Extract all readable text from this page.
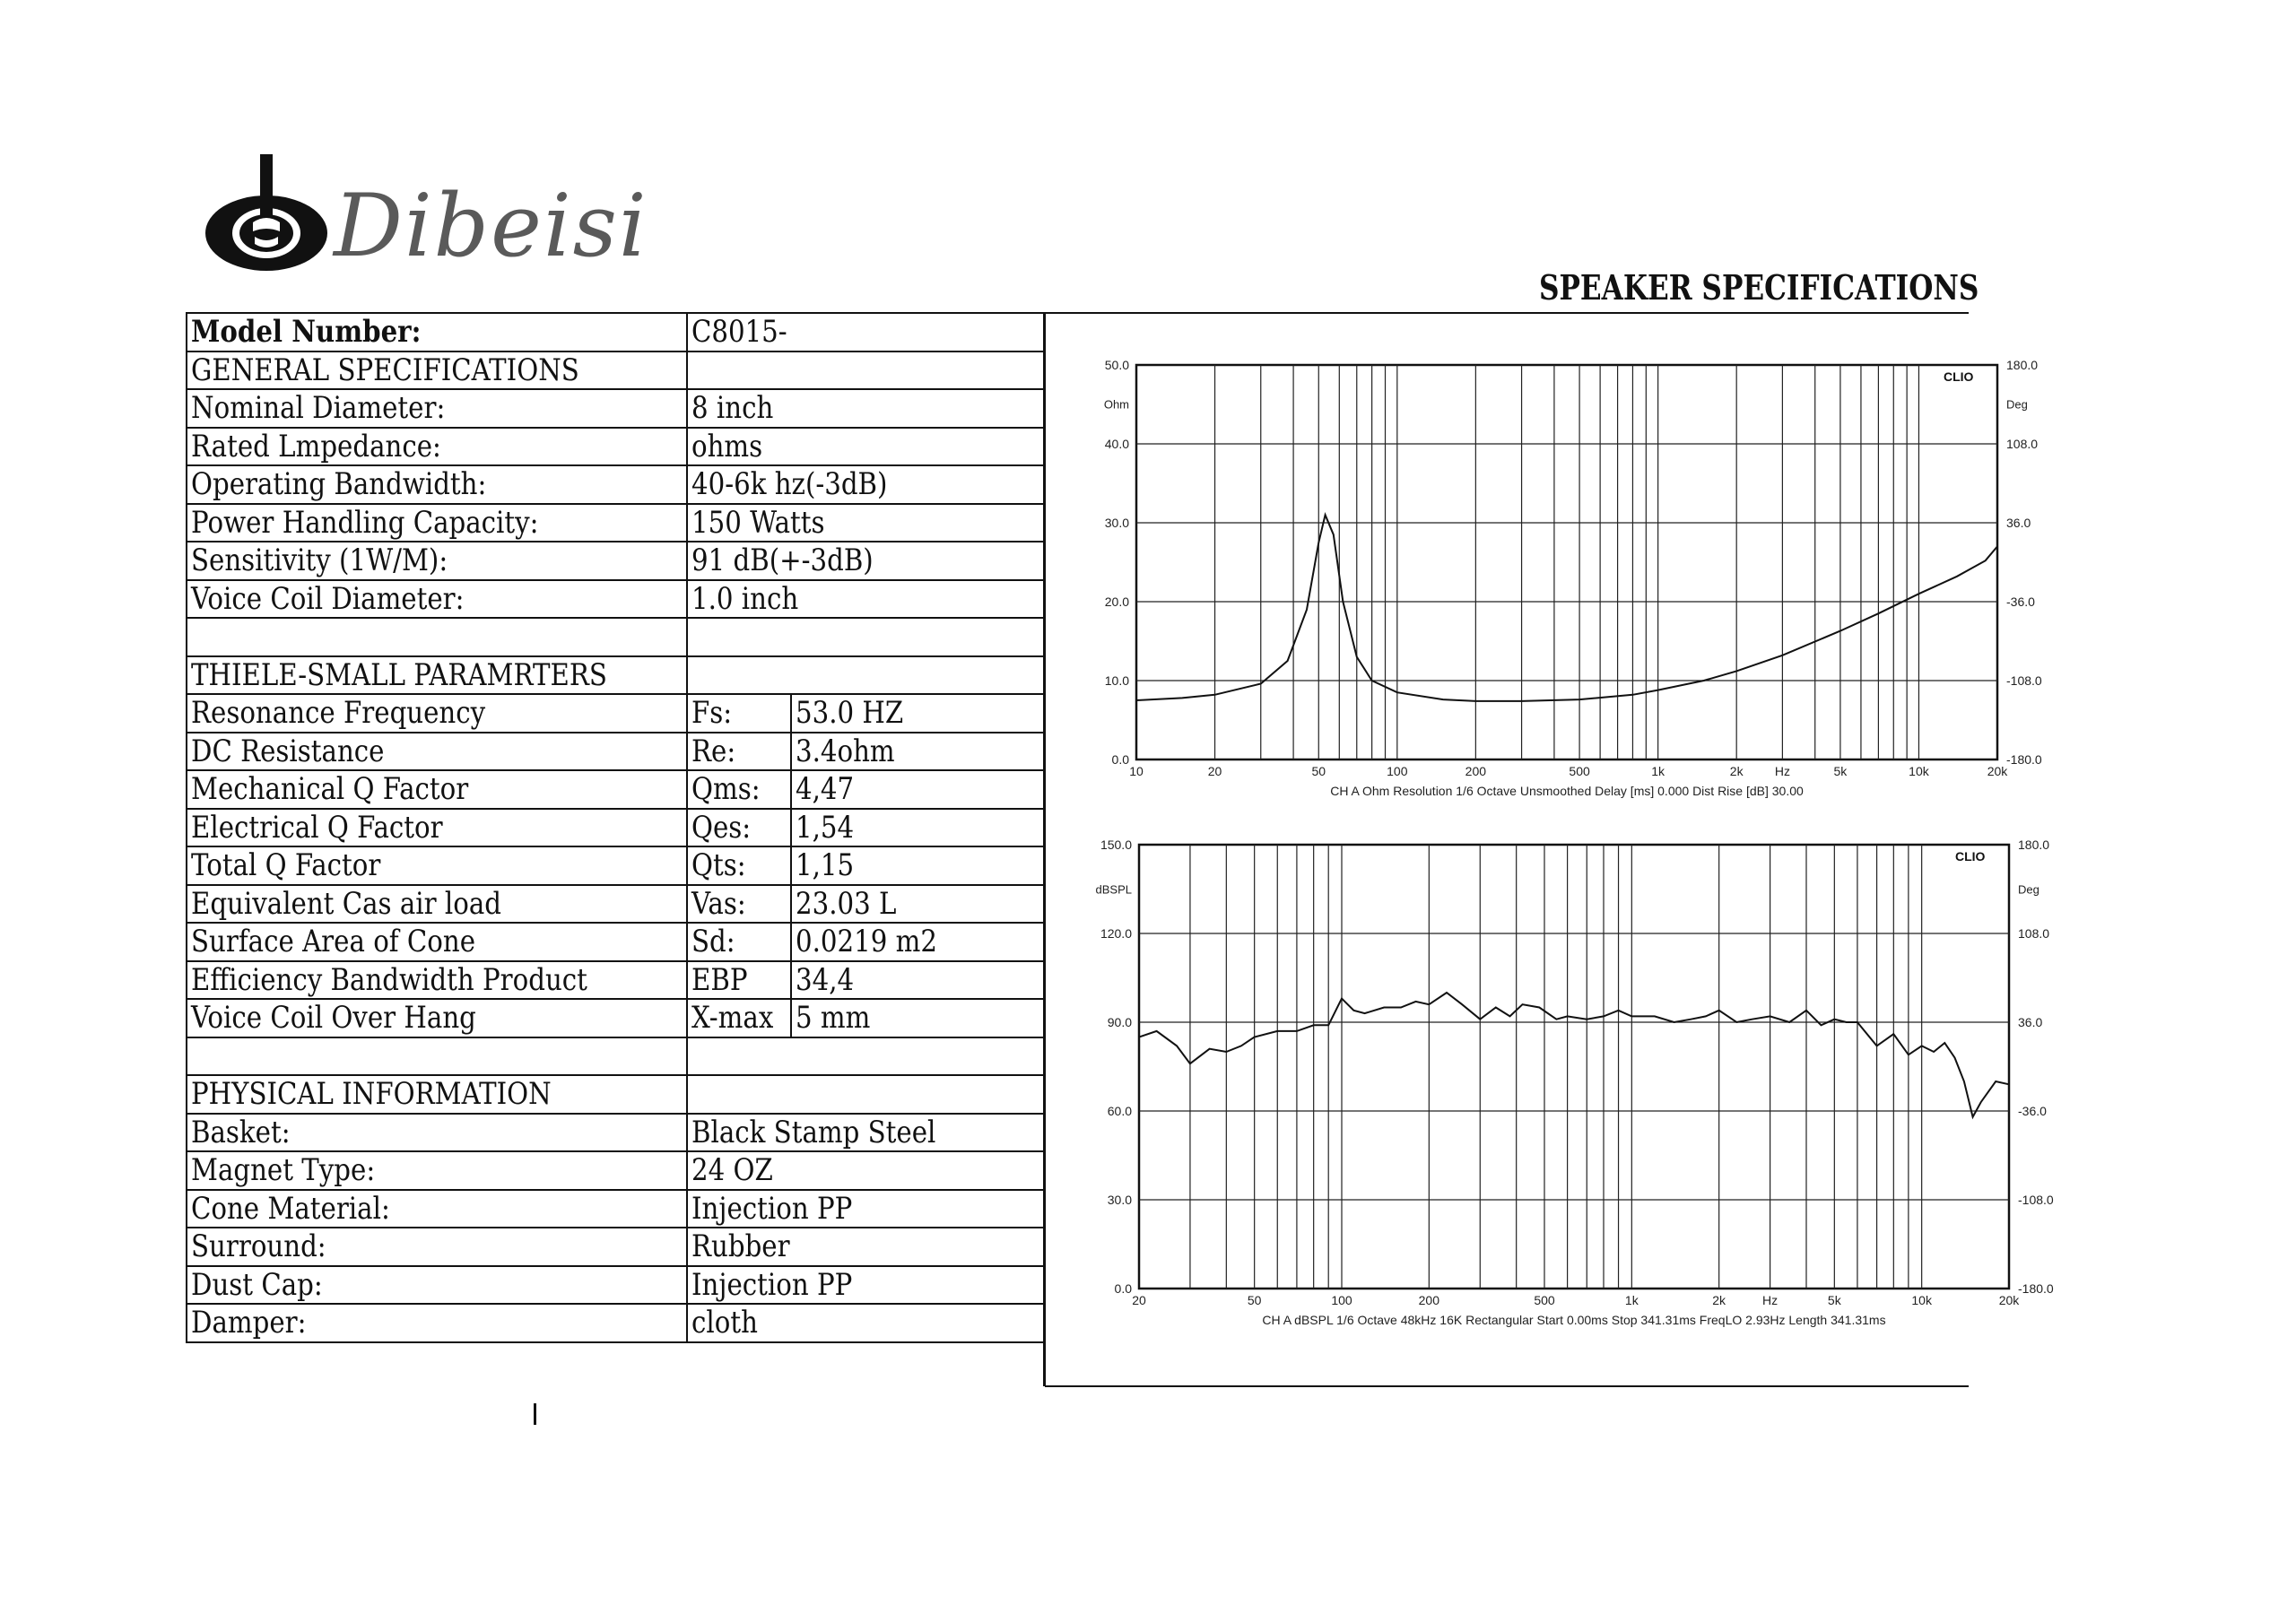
Dibeisi
SPEAKER SPECIFICATIONS
Model Number:	C8015-	
GENERAL SPECIFICATIONS		
Nominal Diameter:	8 inch	
Rated Lmpedance:	ohms	
Operating Bandwidth:	40-6k hz(-3dB)	
Power Handling Capacity:	150 Watts	
Sensitivity (1W/M):	91 dB(+-3dB)	
Voice Coil Diameter:	1.0 inch	

THIELE-SMALL PARAMRTERS		
Resonance Frequency	Fs:	53.0 HZ
DC Resistance	Re:	3.4ohm
Mechanical Q Factor	Qms:	4,47
Electrical Q Factor	Qes:	1,54
Total Q Factor	Qts:	1,15
Equivalent Cas air load	Vas:	23.03 L
Surface Area of Cone	Sd:	0.0219 m2
Efficiency Bandwidth Product	EBP	34,4
Voice Coil Over Hang	X-max	5 mm

PHYSICAL INFORMATION		
Basket:	Black Stamp Steel	
Magnet Type:	24 OZ	
Cone Material:	Injection PP	
Surround:	Rubber	
Dust Cap:	Injection PP	
Damper:	cloth	
0.0
10.0
20.0
30.0
40.0
50.0
-180.0
-108.0
-36.0
36.0
108.0
180.0
Ohm	Deg
CLIO
10	20	50	100	200	500	1k	2k	Hz	5k	10k	20k
CH A Ohm Resolution 1/6 Octave Unsmoothed Delay [ms] 0.000 Dist Rise [dB] 30.00
0.0
30.0
60.0
90.0
120.0
150.0
-180.0
-108.0
-36.0
36.0
108.0
180.0
dBSPL	Deg
CLIO
20	50	100	200	500	1k	2k	Hz	5k	10k	20k
CH A dBSPL 1/6 Octave 48kHz 16K Rectangular Start 0.00ms Stop 341.31ms FreqLO 2.93Hz Length 341.31ms
